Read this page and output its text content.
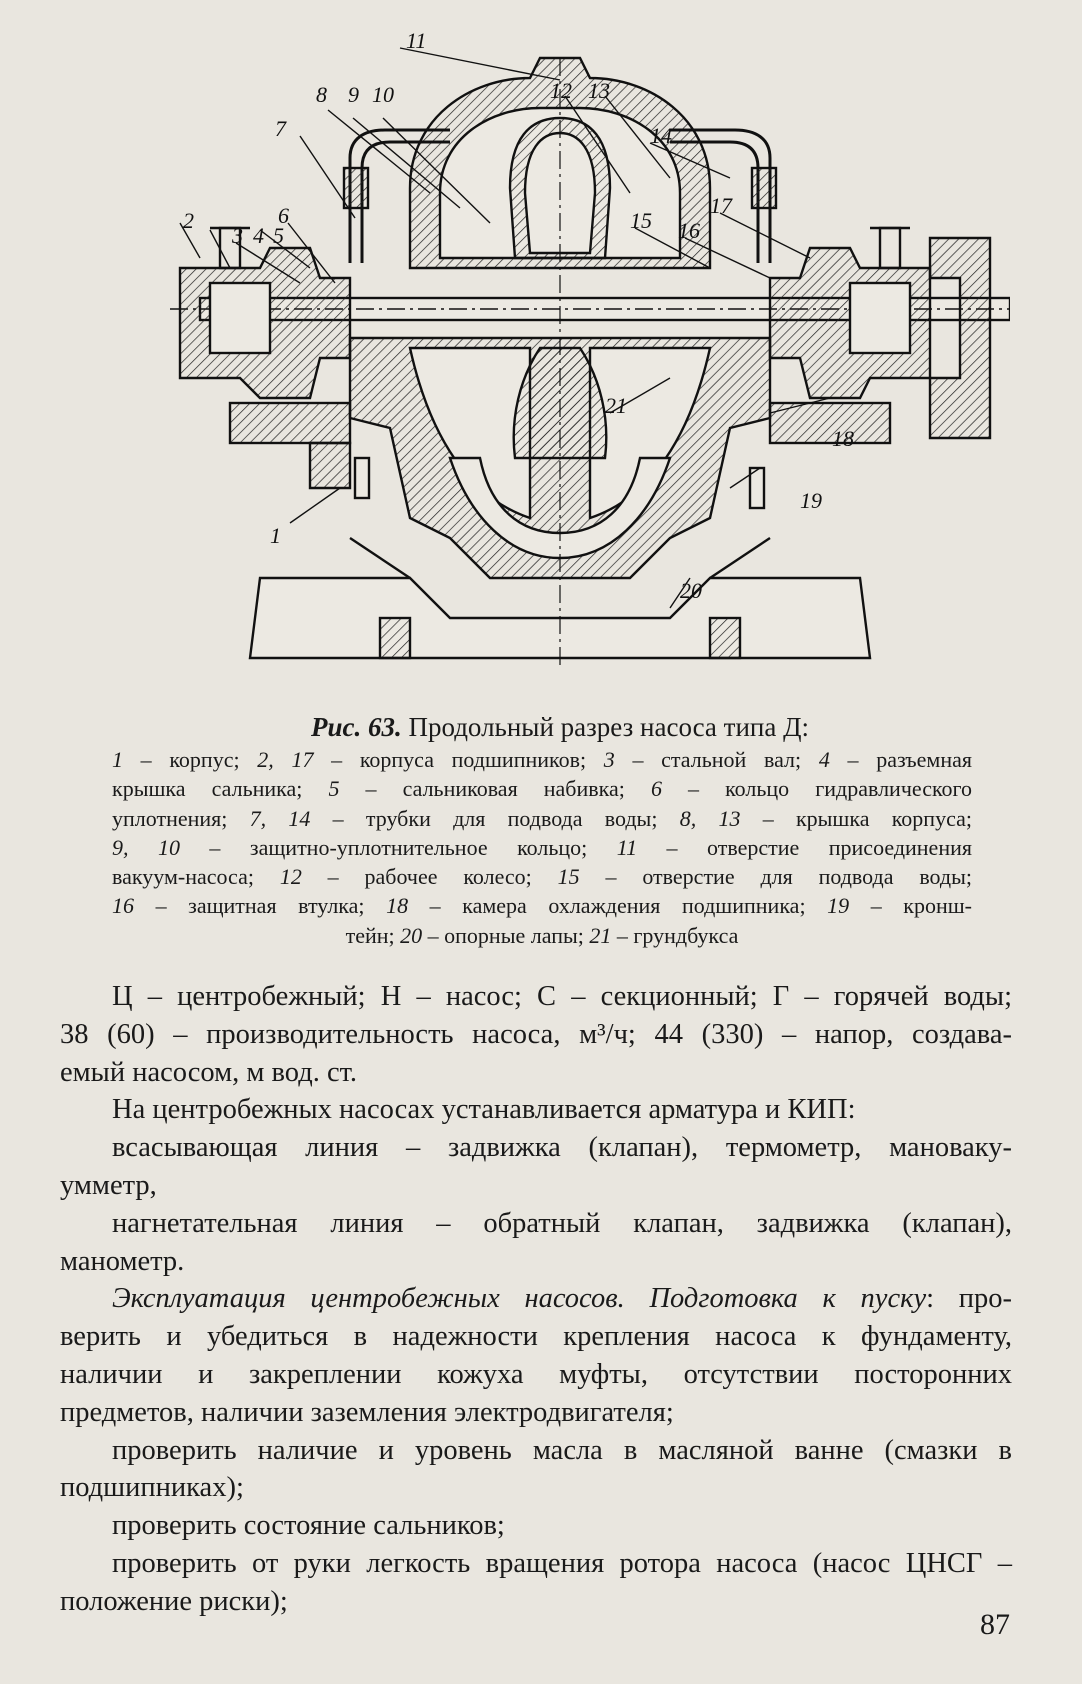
11
8 9 10
7
12 13
14
6	15 16
17
2
3 4 5
21
18
19
1
20
Рис. 63. Продольный разрез насоса типа Д:
1 – корпус; 2, 17 – корпуса подшипников; 3 – стальной вал; 4 – разъемная
крышка сальника; 5 – сальниковая набивка; 6 – кольцо гидравлического
уплотнения; 7, 14 – трубки для подвода воды; 8, 13 – крышка корпуса;
9, 10 – защитно-уплотнительное кольцо; 11 – отверстие присоединения
вакуум-насоса; 12 – рабочее колесо; 15 – отверстие для подвода воды;
16 – защитная втулка; 18 – камера охлаждения подшипника; 19 – кронш-
тейн; 20 – опорные лапы; 21 – грундбукса
Ц – центробежный; Н – насос; С – секционный; Г – горячей воды;
38 (60) – производительность насоса, м³/ч; 44 (330) – напор, создава-

емый насосом, м вод. ст.

На центробежных насосах устанавливается арматура и КИП:

всасывающая линия – задвижка (клапан), термометр, мановаку-

умметр,

нагнетательная линия – обратный клапан, задвижка (клапан),

манометр.

Эксплуатация центробежных насосов. Подготовка к пуску: про-
верить и убедиться в надежности крепления насоса к фундаменту,
наличии и закреплении кожуха муфты, отсутствии посторонних

предметов, наличии заземления электродвигателя;

проверить наличие и уровень масла в масляной ванне (смазки в

подшипниках);

проверить состояние сальников;

проверить от руки легкость вращения ротора насоса (насос ЦНСГ –

положение риски);

87
